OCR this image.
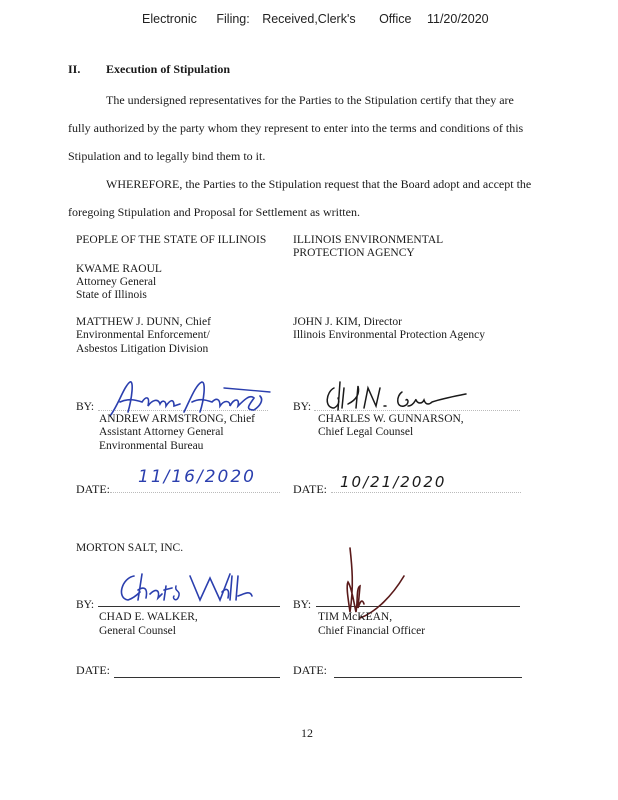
Electronic Filing: Received,Clerk's Office 11/20/2020
II. Execution of Stipulation
The undersigned representatives for the Parties to the Stipulation certify that they are
fully authorized by the party whom they represent to enter into the terms and conditions of this
Stipulation and to legally bind them to it.
WHEREFORE, the Parties to the Stipulation request that the Board adopt and accept the
foregoing Stipulation and Proposal for Settlement as written.
PEOPLE OF THE STATE OF ILLINOIS
KWAME RAOUL
Attorney General
State of Illinois
MATTHEW J. DUNN, Chief
Environmental Enforcement/
Asbestos Litigation Division
BY:
ANDREW ARMSTRONG, Chief
Assistant Attorney General
Environmental Bureau
DATE:
11/16/2020
ILLINOIS ENVIRONMENTAL
PROTECTION AGENCY
JOHN J. KIM, Director
Illinois Environmental Protection Agency
BY:
CHARLES W. GUNNARSON,
Chief Legal Counsel
DATE: 10/21/2020
MORTON SALT, INC.
BY:
CHAD E. WALKER,
General Counsel
BY:
TIM McKEAN,
Chief Financial Officer
DATE:	DATE:
12
